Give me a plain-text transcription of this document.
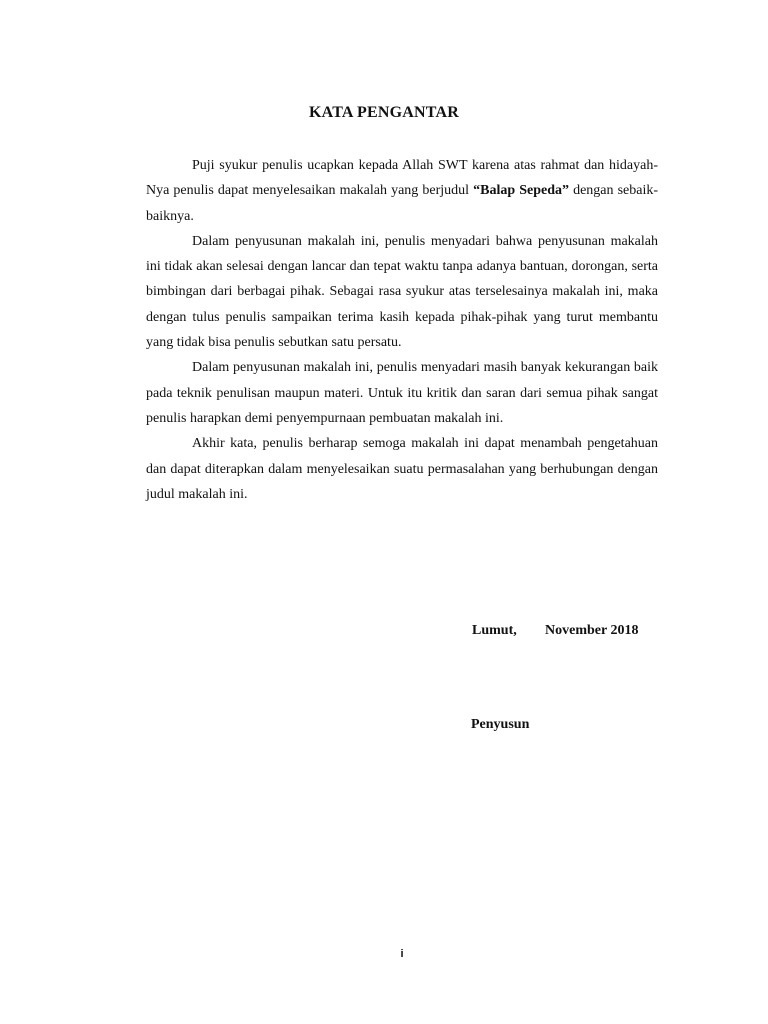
KATA PENGANTAR

Puji syukur penulis ucapkan kepada Allah SWT karena atas rahmat dan hidayah-Nya penulis dapat menyelesaikan makalah yang berjudul “Balap Sepeda” dengan sebaik-baiknya.

Dalam penyusunan makalah ini, penulis menyadari bahwa penyusunan makalah ini tidak akan selesai dengan lancar dan tepat waktu tanpa adanya bantuan, dorongan, serta bimbingan dari berbagai pihak. Sebagai rasa syukur atas terselesainya makalah ini, maka dengan tulus penulis sampaikan terima kasih kepada pihak-pihak yang turut membantu yang tidak bisa penulis sebutkan satu persatu.

Dalam penyusunan makalah ini, penulis menyadari masih banyak kekurangan baik pada teknik penulisan maupun materi. Untuk itu kritik dan saran dari semua pihak sangat penulis harapkan demi penyempurnaan pembuatan makalah ini.

Akhir kata, penulis berharap semoga makalah ini dapat menambah pengetahuan dan dapat diterapkan dalam menyelesaikan suatu permasalahan yang berhubungan dengan judul makalah ini.

Lumut, November 2018
Penyusun
i
